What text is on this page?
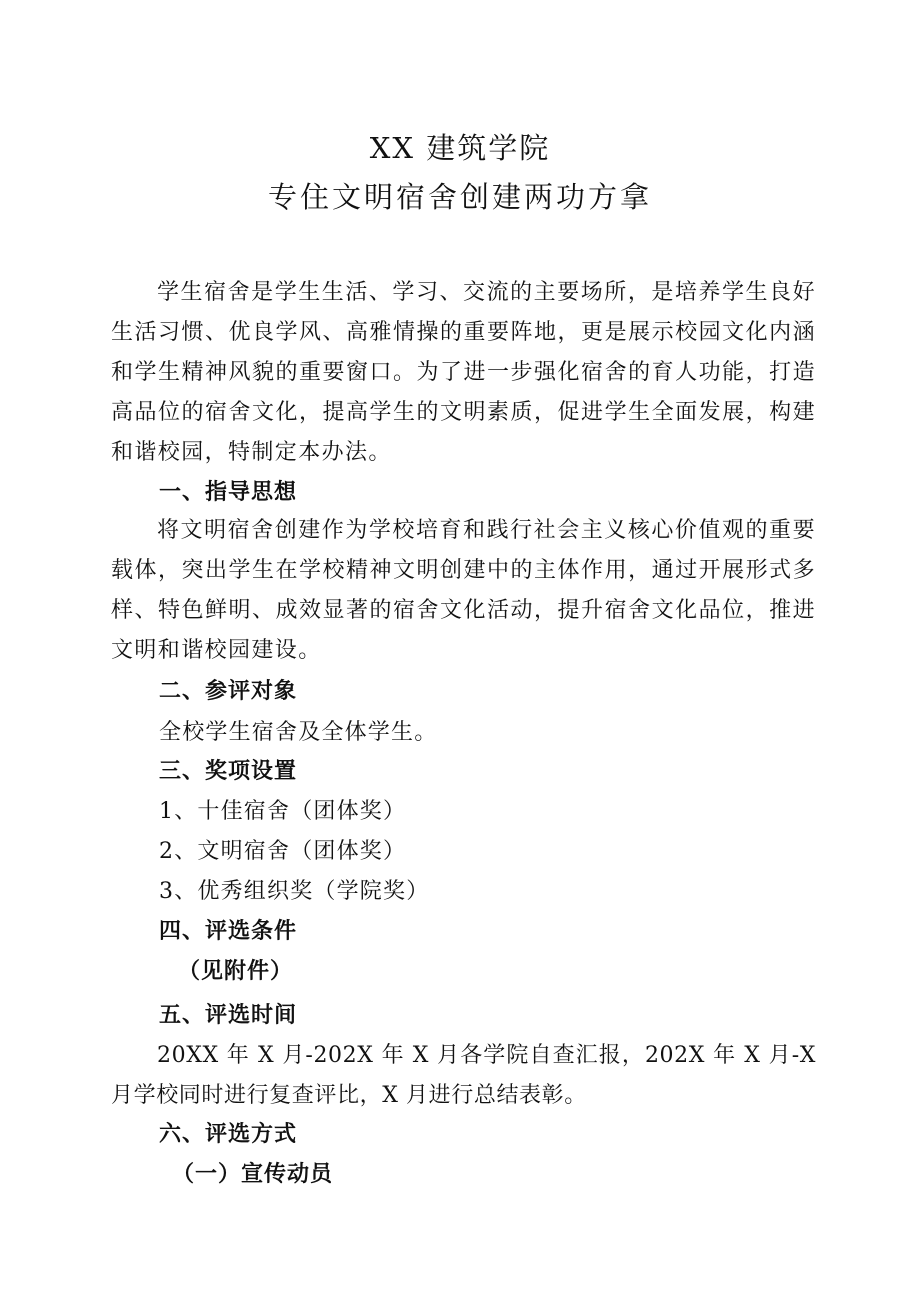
XX 建筑学院
专住文明宿舍创建两功方拿

学生宿舍是学生生活、学习、交流的主要场所，是培养学生良好生活习惯、优良学风、高雅情操的重要阵地，更是展示校园文化内涵和学生精神风貌的重要窗口。为了进一步强化宿舍的育人功能，打造高品位的宿舍文化，提高学生的文明素质，促进学生全面发展，构建和谐校园，特制定本办法。

一、指导思想

将文明宿舍创建作为学校培育和践行社会主义核心价值观的重要载体，突出学生在学校精神文明创建中的主体作用，通过开展形式多样、特色鲜明、成效显著的宿舍文化活动，提升宿舍文化品位，推进文明和谐校园建设。

二、参评对象

全校学生宿舍及全体学生。

三、奖项设置

1、十佳宿舍（团体奖）

2、文明宿舍（团体奖）

3、优秀组织奖（学院奖）

四、评选条件

（见附件）

五、评选时间

20XX 年 X 月-202X 年 X 月各学院自查汇报，202X 年 X 月-X 月学校同时进行复查评比，X 月进行总结表彰。

六、评选方式

（一）宣传动员
